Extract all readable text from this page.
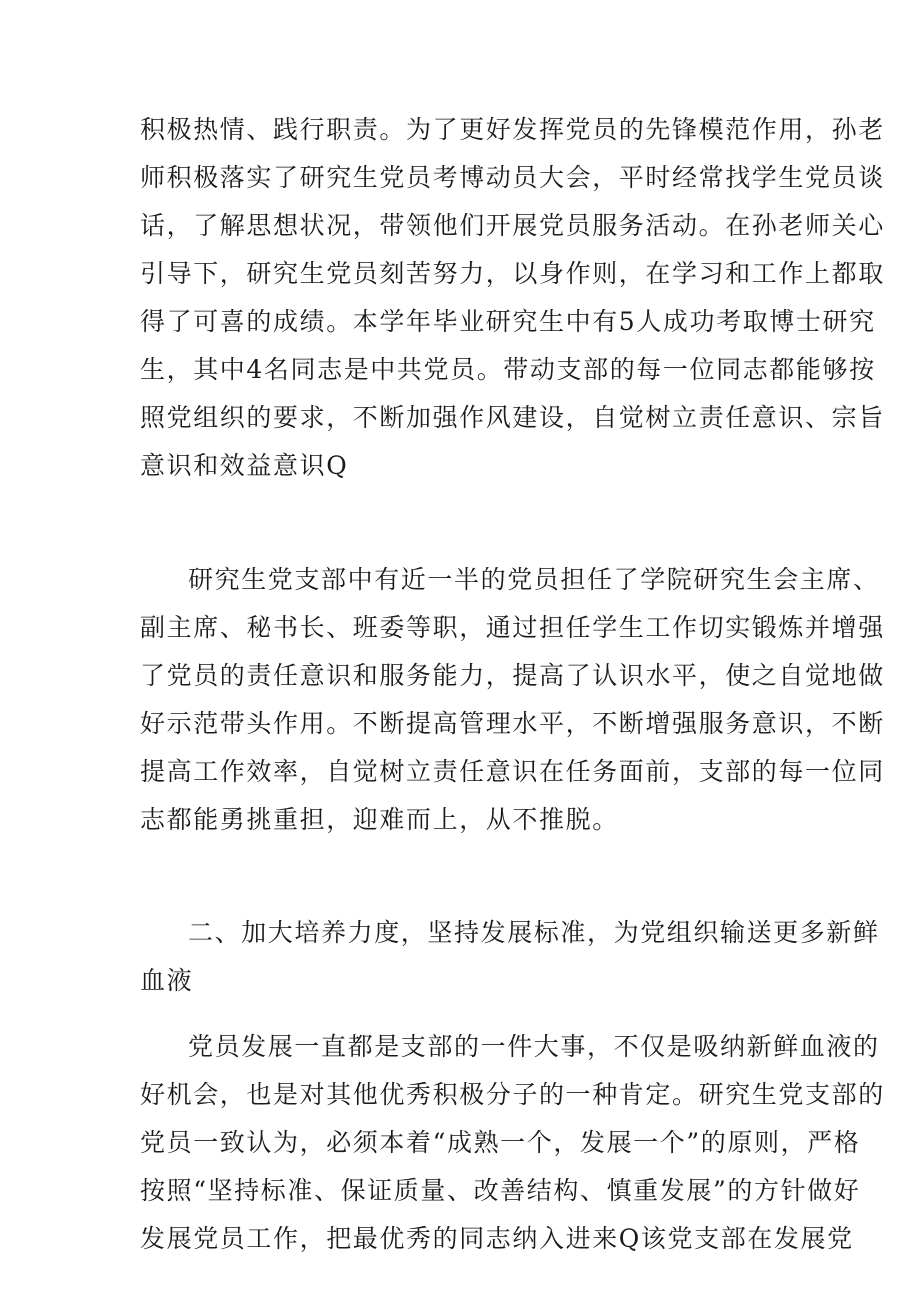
积极热情、践行职责。为了更好发挥党员的先锋模范作用，孙老

师积极落实了研究生党员考博动员大会，平时经常找学生党员谈

话，了解思想状况，带领他们开展党员服务活动。在孙老师关心

引导下，研究生党员刻苦努力，以身作则，在学习和工作上都取

得了可喜的成绩。本学年毕业研究生中有5人成功考取博士研究

生，其中4名同志是中共党员。带动支部的每一位同志都能够按

照党组织的要求，不断加强作风建设，自觉树立责任意识、宗旨

意识和效益意识Q

研究生党支部中有近一半的党员担任了学院研究生会主席、

副主席、秘书长、班委等职，通过担任学生工作切实锻炼并增强

了党员的责任意识和服务能力，提高了认识水平，使之自觉地做

好示范带头作用。不断提高管理水平，不断增强服务意识，不断

提高工作效率，自觉树立责任意识在任务面前，支部的每一位同

志都能勇挑重担，迎难而上，从不推脱。

二、加大培养力度，坚持发展标准，为党组织输送更多新鲜

血液

党员发展一直都是支部的一件大事，不仅是吸纳新鲜血液的

好机会，也是对其他优秀积极分子的一种肯定。研究生党支部的

党员一致认为，必须本着“成熟一个，发展一个”的原则，严格

按照“坚持标准、保证质量、改善结构、慎重发展”的方针做好

发展党员工作，把最优秀的同志纳入进来Q该党支部在发展党
